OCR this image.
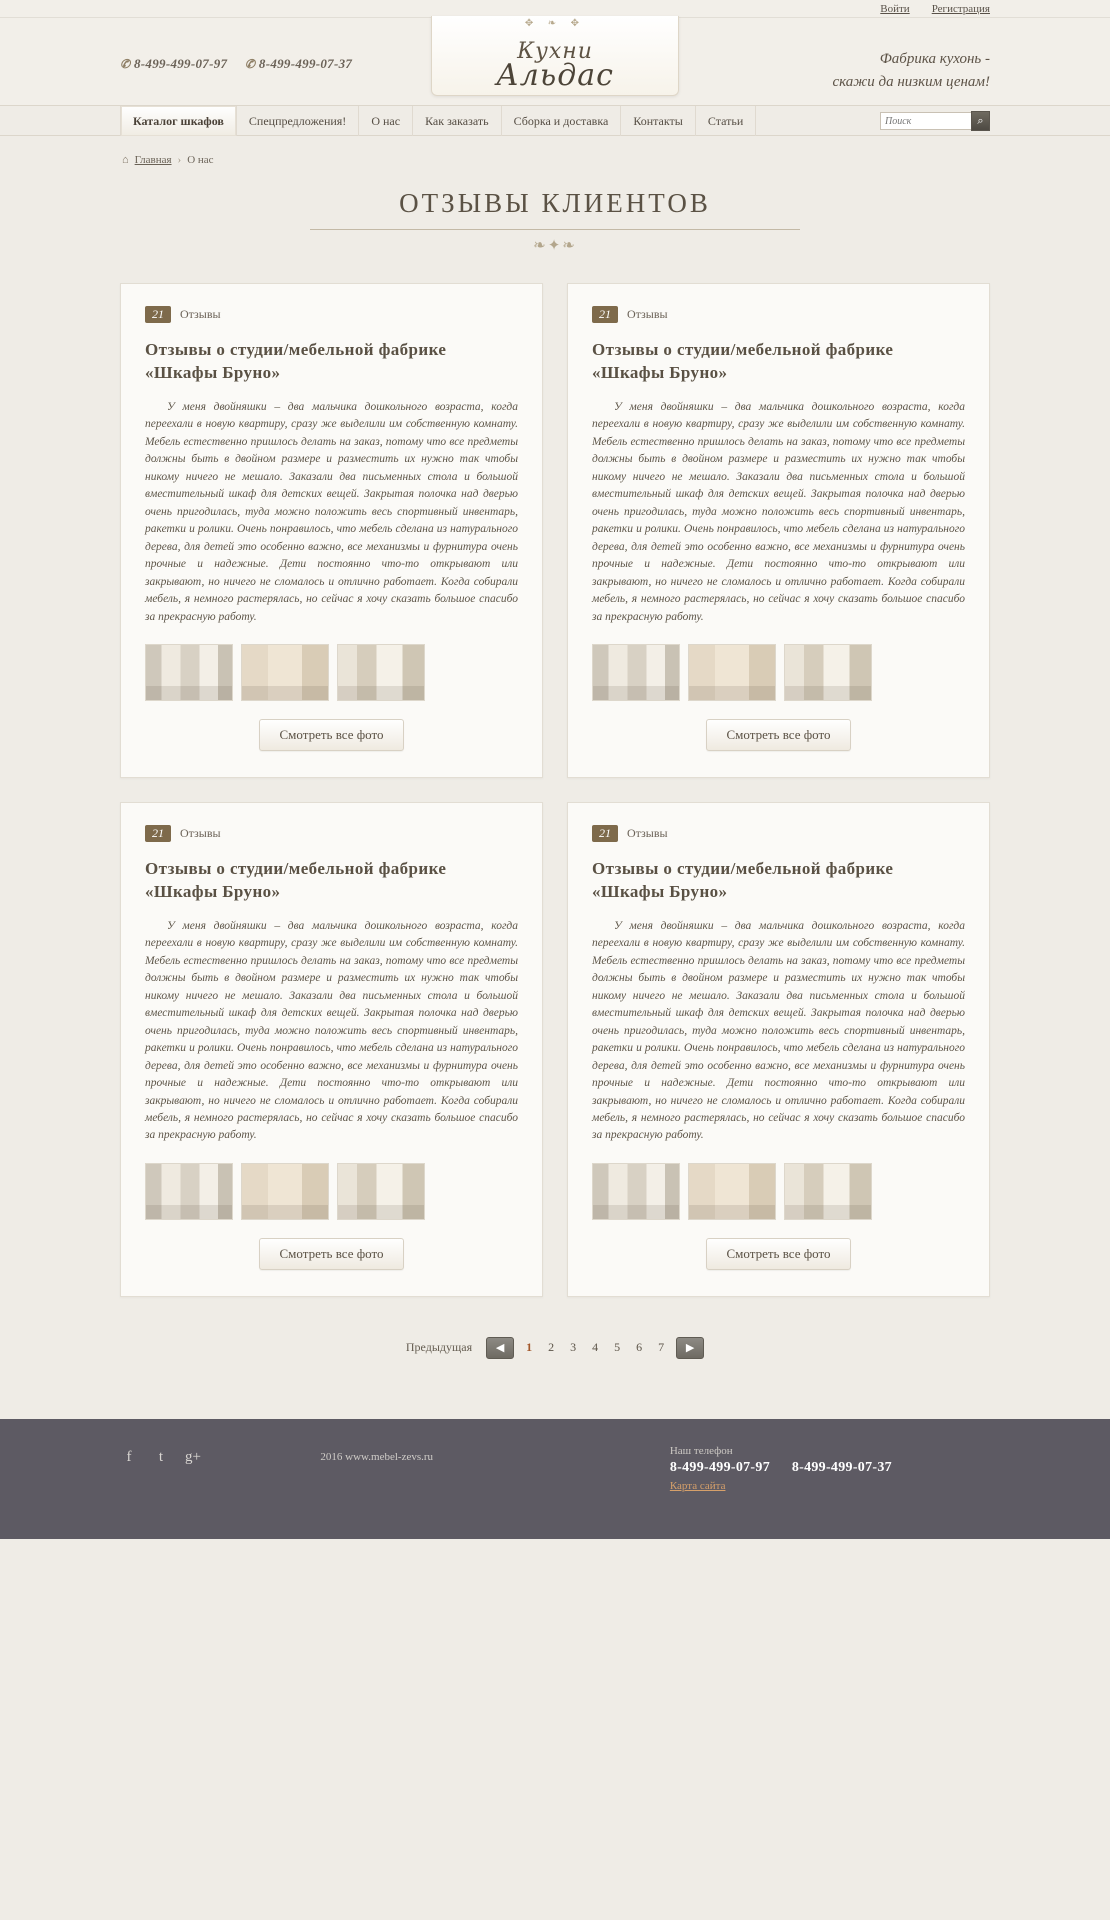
Войти Регистрация
✆ 8-499-499-07-97 ✆ 8-499-499-07-37
✥ ❧ ✥
Кухни
Альдас	Фабрика кухонь -
скажи да низким ценам!
Каталог шкафов Спецпредложения! О нас Как заказать Сборка и доставка Контакты Статьи
Поиск	⌕
⌂ Главная › О нас
ОТЗЫВЫ КЛИЕНТОВ
❧✦❧
21	Отзывы
Отзывы о студии/мебельной фабрике «Шкафы Бруно»

У меня двойняшки – два мальчика дошкольного возраста, когда переехали в новую квартиру, сразу же выделили им собственную комнату. Мебель естественно пришлось делать на заказ, потому что все предметы должны быть в двойном размере и разместить их нужно так чтобы никому ничего не мешало. Заказали два письменных стола и большой вместительный шкаф для детских вещей. Закрытая полочка над дверью очень пригодилась, туда можно положить весь спортивный инвентарь, ракетки и ролики. Очень понравилось, что мебель сделана из натурального дерева, для детей это особенно важно, все механизмы и фурнитура очень прочные и надежные. Дети постоянно что-то открывают или закрывают, но ничего не сломалось и отлично работает. Когда собирали мебель, я немного растерялась, но сейчас я хочу сказать большое спасибо за прекрасную работу.

Смотреть все фото
21	Отзывы
Отзывы о студии/мебельной фабрике «Шкафы Бруно»

У меня двойняшки – два мальчика дошкольного возраста, когда переехали в новую квартиру, сразу же выделили им собственную комнату. Мебель естественно пришлось делать на заказ, потому что все предметы должны быть в двойном размере и разместить их нужно так чтобы никому ничего не мешало. Заказали два письменных стола и большой вместительный шкаф для детских вещей. Закрытая полочка над дверью очень пригодилась, туда можно положить весь спортивный инвентарь, ракетки и ролики. Очень понравилось, что мебель сделана из натурального дерева, для детей это особенно важно, все механизмы и фурнитура очень прочные и надежные. Дети постоянно что-то открывают или закрывают, но ничего не сломалось и отлично работает. Когда собирали мебель, я немного растерялась, но сейчас я хочу сказать большое спасибо за прекрасную работу.

Смотреть все фото
21	Отзывы
Отзывы о студии/мебельной фабрике «Шкафы Бруно»

У меня двойняшки – два мальчика дошкольного возраста, когда переехали в новую квартиру, сразу же выделили им собственную комнату. Мебель естественно пришлось делать на заказ, потому что все предметы должны быть в двойном размере и разместить их нужно так чтобы никому ничего не мешало. Заказали два письменных стола и большой вместительный шкаф для детских вещей. Закрытая полочка над дверью очень пригодилась, туда можно положить весь спортивный инвентарь, ракетки и ролики. Очень понравилось, что мебель сделана из натурального дерева, для детей это особенно важно, все механизмы и фурнитура очень прочные и надежные. Дети постоянно что-то открывают или закрывают, но ничего не сломалось и отлично работает. Когда собирали мебель, я немного растерялась, но сейчас я хочу сказать большое спасибо за прекрасную работу.

Смотреть все фото
21	Отзывы
Отзывы о студии/мебельной фабрике «Шкафы Бруно»

У меня двойняшки – два мальчика дошкольного возраста, когда переехали в новую квартиру, сразу же выделили им собственную комнату. Мебель естественно пришлось делать на заказ, потому что все предметы должны быть в двойном размере и разместить их нужно так чтобы никому ничего не мешало. Заказали два письменных стола и большой вместительный шкаф для детских вещей. Закрытая полочка над дверью очень пригодилась, туда можно положить весь спортивный инвентарь, ракетки и ролики. Очень понравилось, что мебель сделана из натурального дерева, для детей это особенно важно, все механизмы и фурнитура очень прочные и надежные. Дети постоянно что-то открывают или закрывают, но ничего не сломалось и отлично работает. Когда собирали мебель, я немного растерялась, но сейчас я хочу сказать большое спасибо за прекрасную работу.

Смотреть все фото
Предыдущая	◀	1	2	3	4	5	6	7	▶
f	t	g+	2016 www.mebel-zevs.ru	Наш телефон
8-499-499-07-97 8-499-499-07-37
Карта сайта
